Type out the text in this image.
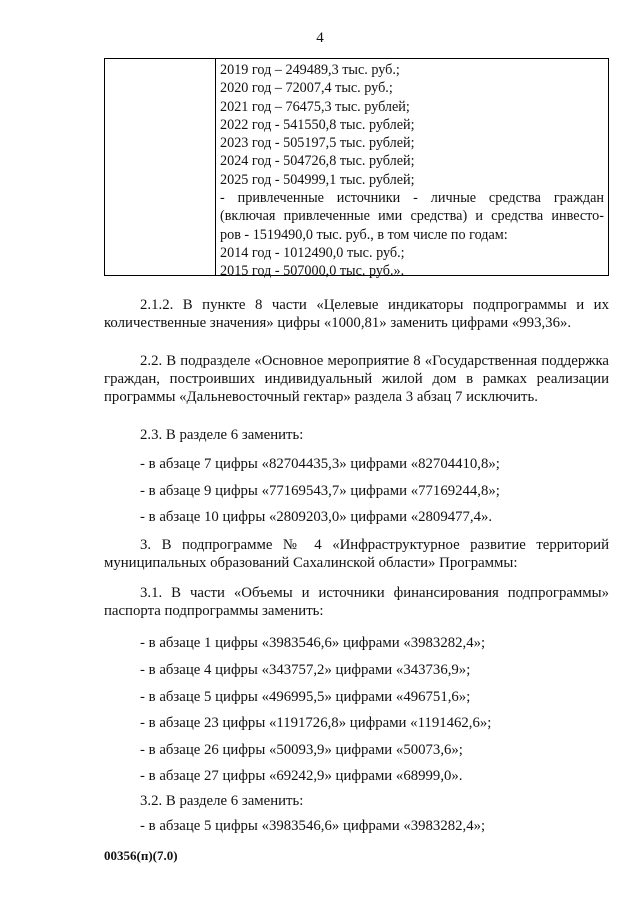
4
2019 год – 249489,3 тыс. руб.;
2020 год – 72007,4 тыс. руб.;
2021 год – 76475,3 тыс. рублей;
2022 год - 541550,8 тыс. рублей;
2023 год - 505197,5 тыс. рублей;
2024 год - 504726,8 тыс. рублей;
2025 год - 504999,1 тыс. рублей;
- привлеченные источники - личные средства граждан
(включая привлеченные ими средства) и средства инвесто-
ров - 1519490,0 тыс. руб., в том числе по годам:
2014 год - 1012490,0 тыс. руб.;
2015 год - 507000,0 тыс. руб.».
2.1.2. В пункте 8 части «Целевые индикаторы подпрограммы и их количественные значения» цифры «1000,81» заменить цифрами «993,36».
2.2. В подразделе «Основное мероприятие 8 «Государственная поддержка граждан, построивших индивидуальный жилой дом в рамках реализации программы «Дальневосточный гектар» раздела 3 абзац 7 исключить.
2.3. В разделе 6 заменить:
- в абзаце 7 цифры «82704435,3» цифрами «82704410,8»;
- в абзаце 9 цифры «77169543,7» цифрами «77169244,8»;
- в абзаце 10 цифры «2809203,0» цифрами «2809477,4».
3. В подпрограмме № 4 «Инфраструктурное развитие территорий муниципальных образований Сахалинской области» Программы:
3.1. В части «Объемы и источники финансирования подпрограммы» паспорта подпрограммы заменить:
- в абзаце 1 цифры «3983546,6» цифрами «3983282,4»;
- в абзаце 4 цифры «343757,2» цифрами «343736,9»;
- в абзаце 5 цифры «496995,5» цифрами «496751,6»;
- в абзаце 23 цифры «1191726,8» цифрами «1191462,6»;
- в абзаце 26 цифры «50093,9» цифрами «50073,6»;
- в абзаце 27 цифры «69242,9» цифрами «68999,0».
3.2. В разделе 6 заменить:
- в абзаце 5 цифры «3983546,6» цифрами «3983282,4»;
00356(п)(7.0)
